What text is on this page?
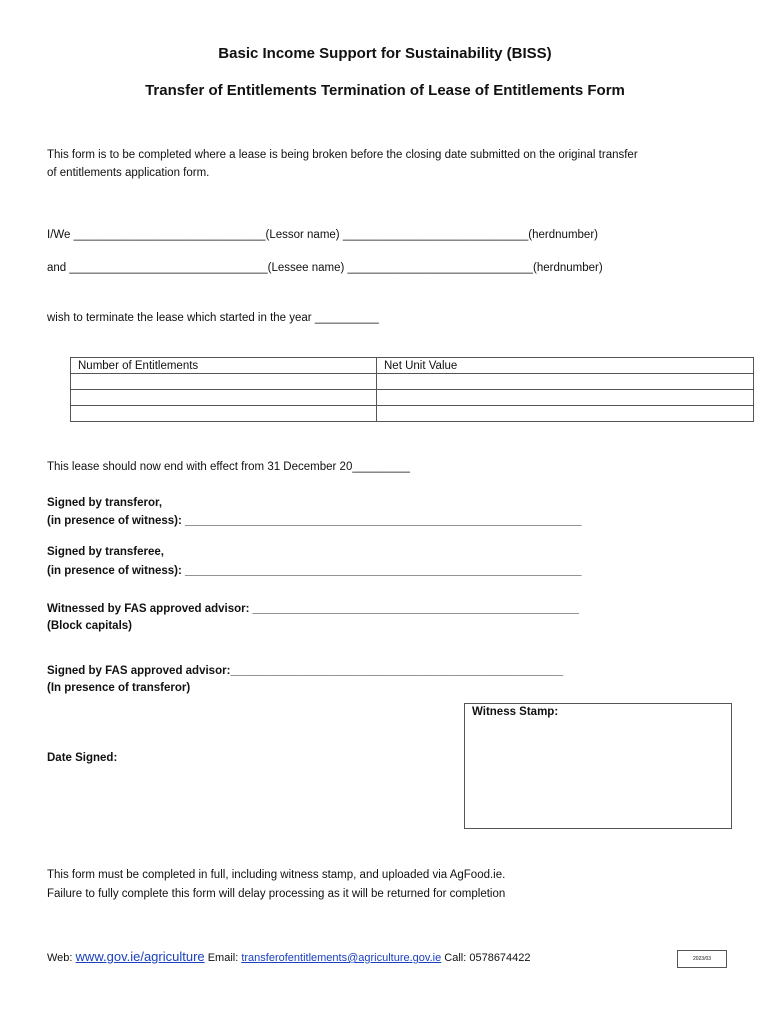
Basic Income Support for Sustainability (BISS)
Transfer of Entitlements Termination of Lease of Entitlements Form
This form is to be completed where a lease is being broken before the closing date submitted on the original transfer
of entitlements application form.
I/We ______________________________(Lessor name) _____________________________(herdnumber)
and _______________________________(Lessee name) _____________________________(herdnumber)
wish to terminate the lease which started in the year __________
Number of Entitlements	Net Unit Value

This lease should now end with effect from 31 December 20_________
Signed by transferor,
(in presence of witness): ______________________________________________________________
Signed by transferee,
(in presence of witness): ______________________________________________________________
Witnessed by FAS approved advisor: ___________________________________________________
(Block capitals)
Signed by FAS approved advisor:____________________________________________________
(In presence of transferor)
Date Signed:
Witness Stamp:
This form must be completed in full, including witness stamp, and uploaded via AgFood.ie.
Failure to fully complete this form will delay processing as it will be returned for completion
Web: www.gov.ie/agriculture Email: transferofentitlements@agriculture.gov.ie Call: 0578674422	2023/03
